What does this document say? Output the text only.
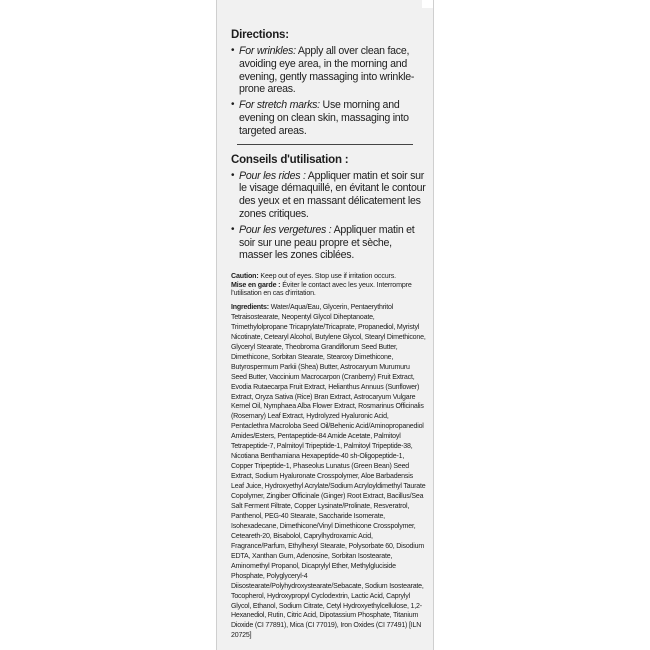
Directions:
• For wrinkles: Apply all over clean face, avoiding eye area, in the morning and evening, gently massaging into wrinkle-prone areas.
• For stretch marks: Use morning and evening on clean skin, massaging into targeted areas.
Conseils d'utilisation :
• Pour les rides : Appliquer matin et soir sur le visage démaquillé, en évitant le contour des yeux et en massant délicatement les zones critiques.
• Pour les vergetures : Appliquer matin et soir sur une peau propre et sèche, masser les zones ciblées.
Caution: Keep out of eyes. Stop use if irritation occurs.
Mise en garde : Éviter le contact avec les yeux. Interrompre l'utilisation en cas d'irritation.
Ingredients: Water/Aqua/Eau, Glycerin, Pentaerythritol Tetraisostearate, Neopentyl Glycol Diheptanoate, Trimethylolpropane Tricaprylate/Tricaprate, Propanediol, Myristyl Nicotinate, Cetearyl Alcohol, Butylene Glycol, Stearyl Dimethicone, Glyceryl Stearate, Theobroma Grandiflorum Seed Butter, Dimethicone, Sorbitan Stearate, Stearoxy Dimethicone, Butyrospermum Parkii (Shea) Butter, Astrocaryum Murumuru Seed Butter, Vaccinium Macrocarpon (Cranberry) Fruit Extract, Evodia Rutaecarpa Fruit Extract, Helianthus Annuus (Sunflower) Extract, Oryza Sativa (Rice) Bran Extract, Astrocaryum Vulgare Kernel Oil, Nymphaea Alba Flower Extract, Rosmarinus Officinalis (Rosemary) Leaf Extract, Hydrolyzed Hyaluronic Acid, Pentaclethra Macroloba Seed Oil/Behenic Acid/Aminopropanediol Amides/Esters, Pentapeptide-84 Amide Acetate, Palmitoyl Tetrapeptide-7, Palmitoyl Tripeptide-1, Palmitoyl Tripeptide-38, Nicotiana Benthamiana Hexapeptide-40 sh-Oligopeptide-1, Copper Tripeptide-1, Phaseolus Lunatus (Green Bean) Seed Extract, Sodium Hyaluronate Crosspolymer, Aloe Barbadensis Leaf Juice, Hydroxyethyl Acrylate/Sodium Acryloyldimethyl Taurate Copolymer, Zingiber Officinale (Ginger) Root Extract, Bacillus/Sea Salt Ferment Filtrate, Copper Lysinate/Prolinate, Resveratrol, Panthenol, PEG-40 Stearate, Saccharide Isomerate, Isohexadecane, Dimethicone/Vinyl Dimethicone Crosspolymer, Ceteareth-20, Bisabolol, Caprylhydroxamic Acid, Fragrance/Parfum, Ethylhexyl Stearate, Polysorbate 60, Disodium EDTA, Xanthan Gum, Adenosine, Sorbitan Isostearate, Aminomethyl Propanol, Dicaprylyl Ether, Methylgluciside Phosphate, Polyglyceryl-4 Diisostearate/Polyhydroxystearate/Sebacate, Sodium Isostearate, Tocopherol, Hydroxypropyl Cyclodextrin, Lactic Acid, Caprylyl Glycol, Ethanol, Sodium Citrate, Cetyl Hydroxyethylcellulose, 1,2-Hexanediol, Rutin, Citric Acid, Dipotassium Phosphate, Titanium Dioxide (CI 77891), Mica (CI 77019), Iron Oxides (CI 77491) [ILN 20725]
